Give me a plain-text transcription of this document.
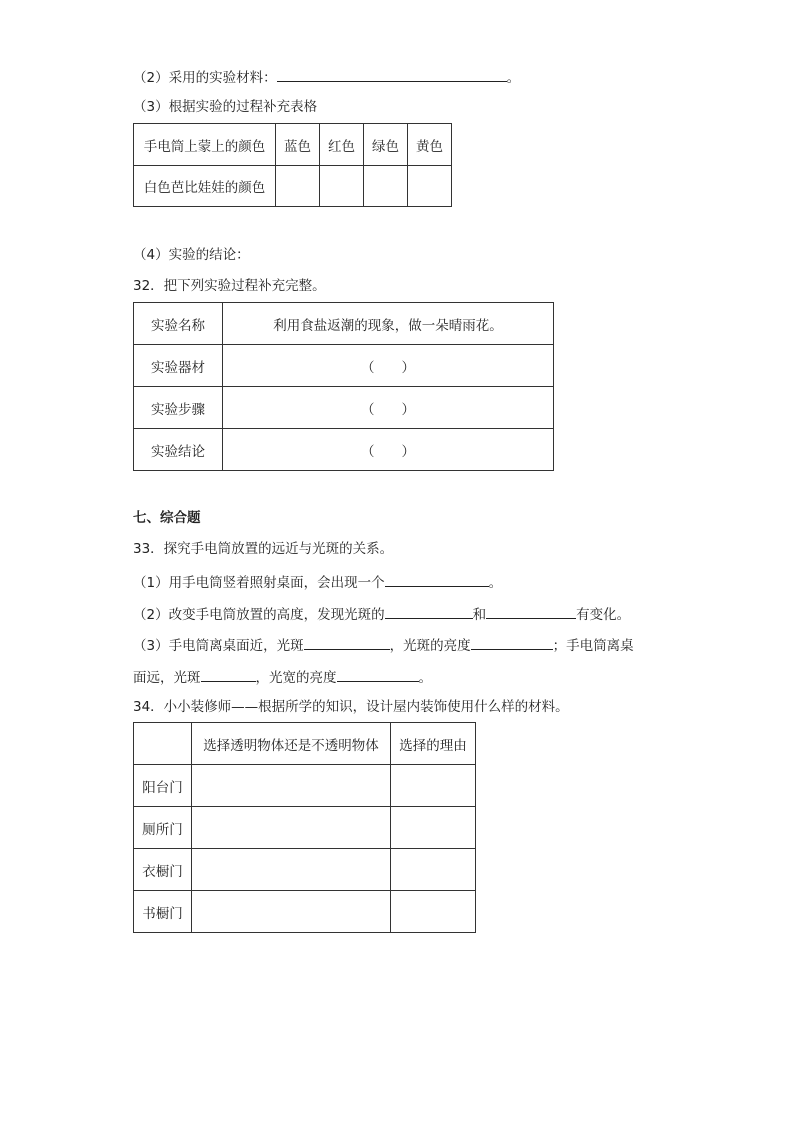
（2）采用的实验材料：	。
（3）根据实验的过程补充表格
手电筒上蒙上的颜色	蓝色	红色	绿色	黄色
白色芭比娃娃的颜色				
（4）实验的结论：
32．把下列实验过程补充完整。
实验名称	利用食盐返潮的现象，做一朵晴雨花。
实验器材	（　　）
实验步骤	（　　）
实验结论	（　　）
七、综合题
33．探究手电筒放置的远近与光斑的关系。
（1）用手电筒竖着照射桌面，会出现一个	。
（2）改变手电筒放置的高度，发现光斑的	和	有变化。
（3）手电筒离桌面近，光斑	，光斑的亮度	；手电筒离桌
面远，光斑	，光宽的亮度	。
34．小小装修师——根据所学的知识，设计屋内装饰使用什么样的材料。
	选择透明物体还是不透明物体	选择的理由
阳台门		
厕所门		
衣橱门		
书橱门		
